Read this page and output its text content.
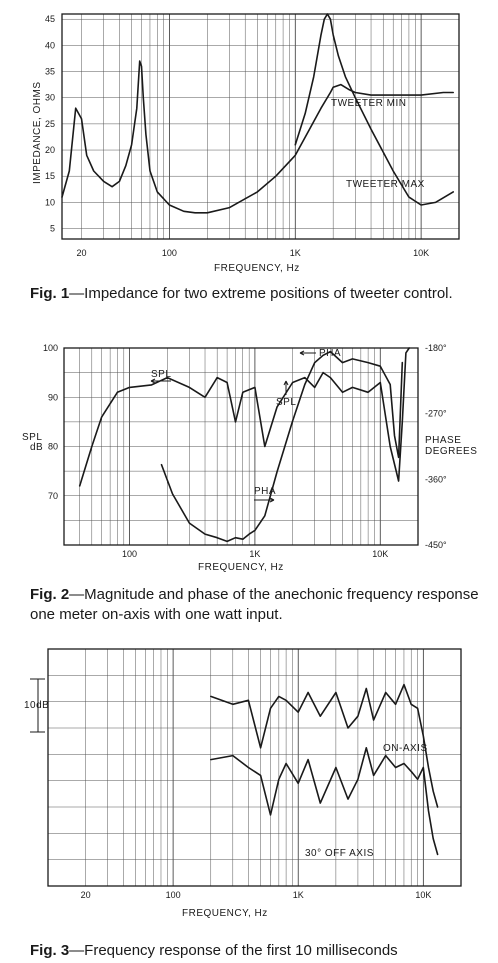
5
10
15
20
25
30
35
40
45
20	100	1K	10K
IMPEDANCE, OHMS
FREQUENCY, Hz
TWEETER MIN
TWEETER MAX
Fig. 1—Impedance for two extreme positions of tweeter control.
100
90
80
70
-180°
-270°
-360°
-450°
100	1K	10K
SPL
dB
PHASE
DEGREES
FREQUENCY, Hz
SPL
PHA
SPL
PHA
Fig. 2—Magnitude and phase of the anechonic frequency response one meter on-axis with one watt input.
20	100	1K	10K
10dB
ON-AXIS
30° OFF AXIS
FREQUENCY, Hz
Fig. 3—Frequency response of the first 10 milliseconds
